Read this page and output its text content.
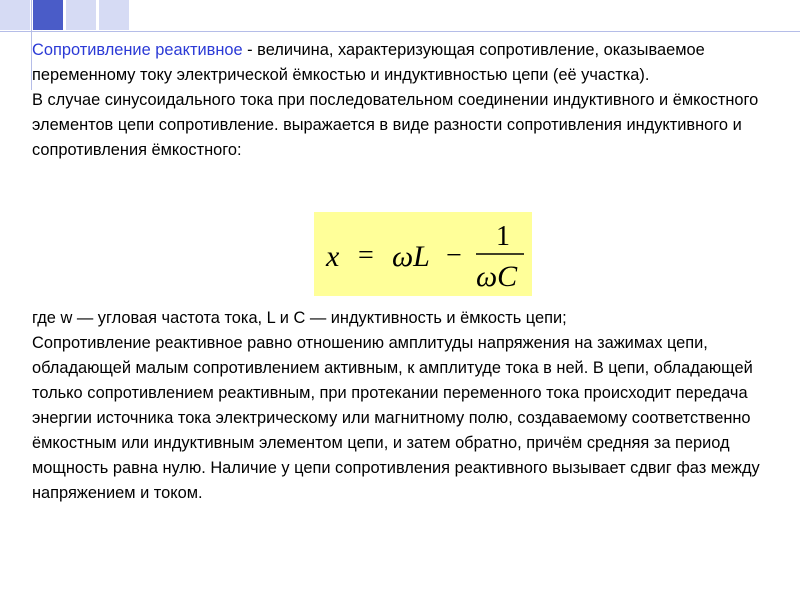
Сопротивление реактивное - величина, характеризующая сопротивление, оказываемое переменному току электрической ёмкостью и индуктивностью цепи (её участка).

В случае синусоидального тока при последовательном соединении индуктивного и ёмкостного элементов цепи сопротивление. выражается в виде разности сопротивления индуктивного и сопротивления ёмкостного:

x = ωL −
1
ωC

где w — угловая частота тока, L и С — индуктивность и ёмкость цепи;

Сопротивление реактивное равно отношению амплитуды напряжения на зажимах цепи, обладающей малым сопротивлением активным, к амплитуде тока в ней. В цепи, обладающей только сопротивлением реактивным, при протекании переменного тока происходит передача энергии источника тока электрическому или магнитному полю, создаваемому соответственно ёмкостным или индуктивным элементом цепи, и затем обратно, причём средняя за период мощность равна нулю. Наличие у цепи сопротивления реактивного вызывает сдвиг фаз между напряжением и током.
